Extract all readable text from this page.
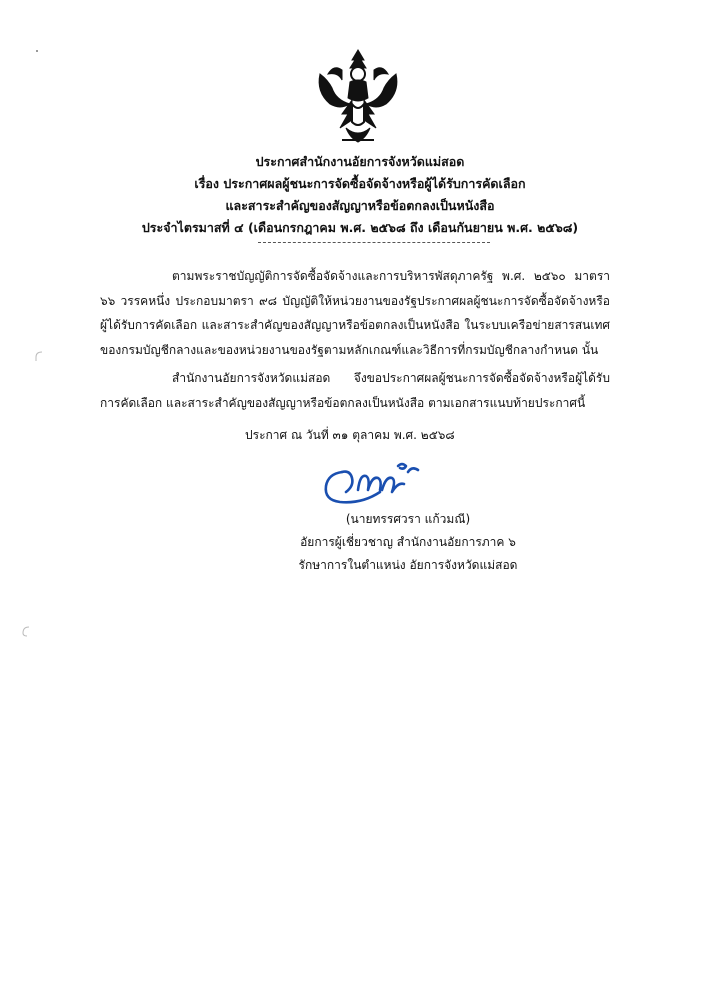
ประกาศสำนักงานอัยการจังหวัดแม่สอด
เรื่อง ประกาศผลผู้ชนะการจัดซื้อจัดจ้างหรือผู้ได้รับการคัดเลือก
และสาระสำคัญของสัญญาหรือข้อตกลงเป็นหนังสือ
ประจำไตรมาสที่ ๔ (เดือนกรกฎาคม พ.ศ. ๒๕๖๘ ถึง เดือนกันยายน พ.ศ. ๒๕๖๘)
ตามพระราชบัญญัติการจัดซื้อจัดจ้างและการบริหารพัสดุภาครัฐ พ.ศ. ๒๕๖๐ มาตรา ๖๖ วรรคหนึ่ง ประกอบมาตรา ๙๘ บัญญัติให้หน่วยงานของรัฐประกาศผลผู้ชนะการจัดซื้อจัดจ้างหรือผู้ได้รับการคัดเลือก และสาระสำคัญของสัญญาหรือข้อตกลงเป็นหนังสือ ในระบบเครือข่ายสารสนเทศของกรมบัญชีกลางและของหน่วยงานของรัฐตามหลักเกณฑ์และวิธีการที่กรมบัญชีกลางกำหนด นั้น
สำนักงานอัยการจังหวัดแม่สอด จึงขอประกาศผลผู้ชนะการจัดซื้อจัดจ้างหรือผู้ได้รับการคัดเลือก และสาระสำคัญของสัญญาหรือข้อตกลงเป็นหนังสือ ตามเอกสารแนบท้ายประกาศนี้
ประกาศ ณ วันที่ ๓๑ ตุลาคม พ.ศ. ๒๕๖๘
(นายทรรศวรา แก้วมณี)
อัยการผู้เชี่ยวชาญ สำนักงานอัยการภาค ๖
รักษาการในตำแหน่ง อัยการจังหวัดแม่สอด
